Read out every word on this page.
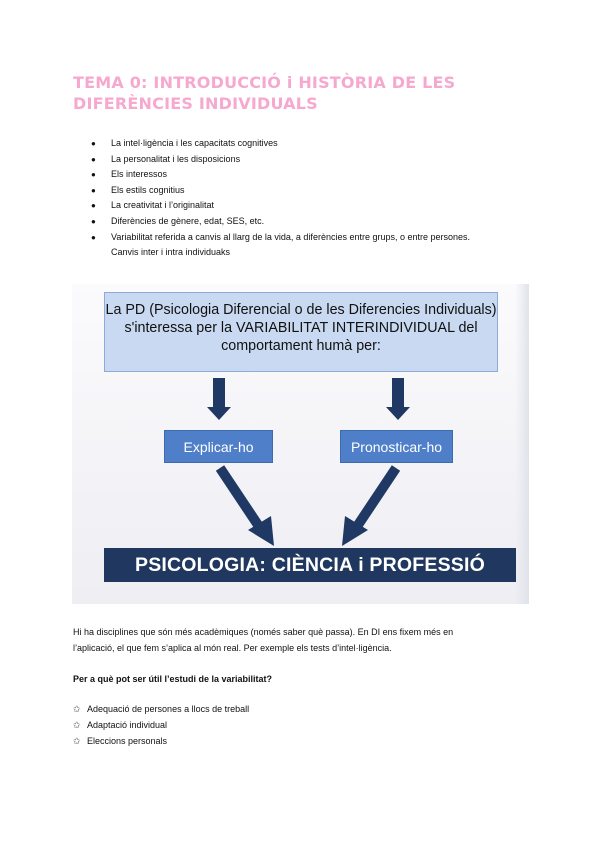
TEMA 0: INTRODUCCIÓ i HISTÒRIA DE LES
DIFERÈNCIES INDIVIDUALS
● La intel·ligència i les capacitats cognitives
● La personalitat i les disposicions
● Els interessos
● Els estils cognitius
● La creativitat i l’originalitat
● Diferències de gènere, edat, SES, etc.
● Variabilitat referida a canvis al llarg de la vida, a diferències entre grups, o entre persones.
Canvis inter i intra individuaks
La PD (Psicologia Diferencial o de les Diferencies Individuals)
s'interessa per la VARIABILITAT INTERINDIVIDUAL del
comportament humà per:
Explicar-ho	Pronosticar-ho
PSICOLOGIA: CIÈNCIA i PROFESSIÓ

Hi ha disciplines que són més acadèmiques (només saber què passa). En DI ens fixem més en

l’aplicació, el que fem s’aplica al món real. Per exemple els tests d’intel·ligència.

Per a què pot ser útil l’estudi de la variabilitat?

✩ Adequació de persones a llocs de treball
✩ Adaptació individual
✩ Eleccions personals
